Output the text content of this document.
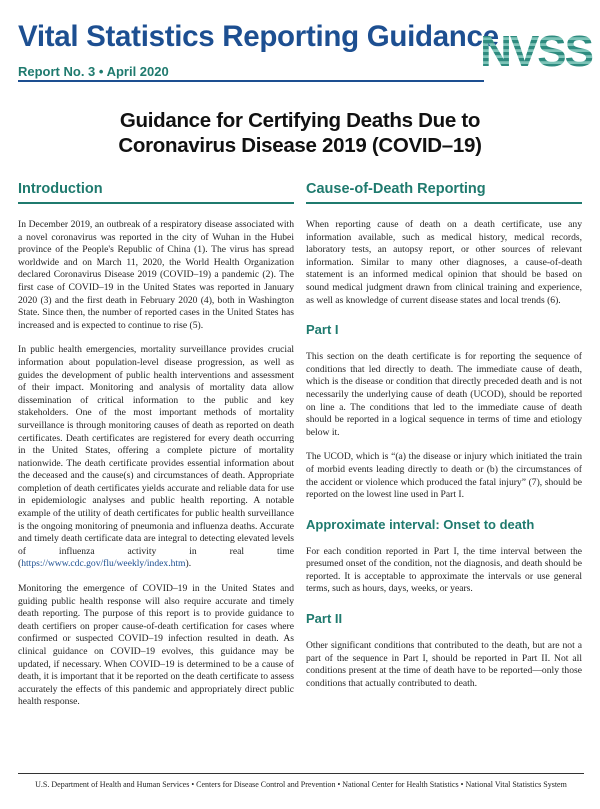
Vital Statistics Reporting Guidance
Report No. 3 • April 2020	NVSS
Guidance for Certifying Deaths Due to
Coronavirus Disease 2019 (COVID–19)
Introduction

In December 2019, an outbreak of a respiratory disease associated with a novel coronavirus was reported in the city of Wuhan in the Hubei province of the People's Republic of China (1). The virus has spread worldwide and on March 11, 2020, the World Health Organization declared Coronavirus Disease 2019 (COVID–19) a pandemic (2). The first case of COVID–19 in the United States was reported in January 2020 (3) and the first death in February 2020 (4), both in Washington State. Since then, the number of reported cases in the United States has increased and is expected to continue to rise (5).

In public health emergencies, mortality surveillance provides crucial information about population-level disease progression, as well as guides the development of public health interventions and assessment of their impact. Monitoring and analysis of mortality data allow dissemination of critical information to the public and key stakeholders. One of the most important methods of mortality surveillance is through monitoring causes of death as reported on death certificates. Death certificates are registered for every death occurring in the United States, offering a complete picture of mortality nationwide. The death certificate provides essential information about the deceased and the cause(s) and circumstances of death. Appropriate completion of death certificates yields accurate and reliable data for use in epidemiologic analyses and public health reporting. A notable example of the utility of death certificates for public health surveillance is the ongoing monitoring of pneumonia and influenza deaths. Accurate and timely death certificate data are integral to detecting elevated levels of influenza activity in real time (https://www.cdc.gov/flu/weekly/index.htm).

Monitoring the emergence of COVID–19 in the United States and guiding public health response will also require accurate and timely death reporting. The purpose of this report is to provide guidance to death certifiers on proper cause-of-death certification for cases where confirmed or suspected COVID–19 infection resulted in death. As clinical guidance on COVID–19 evolves, this guidance may be updated, if necessary. When COVID–19 is determined to be a cause of death, it is important that it be reported on the death certificate to assess accurately the effects of this pandemic and appropriately direct public health response.

Cause-of-Death Reporting

When reporting cause of death on a death certificate, use any information available, such as medical history, medical records, laboratory tests, an autopsy report, or other sources of relevant information. Similar to many other diagnoses, a cause-of-death statement is an informed medical opinion that should be based on sound medical judgment drawn from clinical training and experience, as well as knowledge of current disease states and local trends (6).

Part I

This section on the death certificate is for reporting the sequence of conditions that led directly to death. The immediate cause of death, which is the disease or condition that directly preceded death and is not necessarily the underlying cause of death (UCOD), should be reported on line a. The conditions that led to the immediate cause of death should be reported in a logical sequence in terms of time and etiology below it.

The UCOD, which is “(a) the disease or injury which initiated the train of morbid events leading directly to death or (b) the circumstances of the accident or violence which produced the fatal injury” (7), should be reported on the lowest line used in Part I.

Approximate interval: Onset to death

For each condition reported in Part I, the time interval between the presumed onset of the condition, not the diagnosis, and death should be reported. It is acceptable to approximate the intervals or use general terms, such as hours, days, weeks, or years.

Part II

Other significant conditions that contributed to the death, but are not a part of the sequence in Part I, should be reported in Part II. Not all conditions present at the time of death have to be reported—only those conditions that actually contributed to death.

U.S. Department of Health and Human Services • Centers for Disease Control and Prevention • National Center for Health Statistics • National Vital Statistics System
